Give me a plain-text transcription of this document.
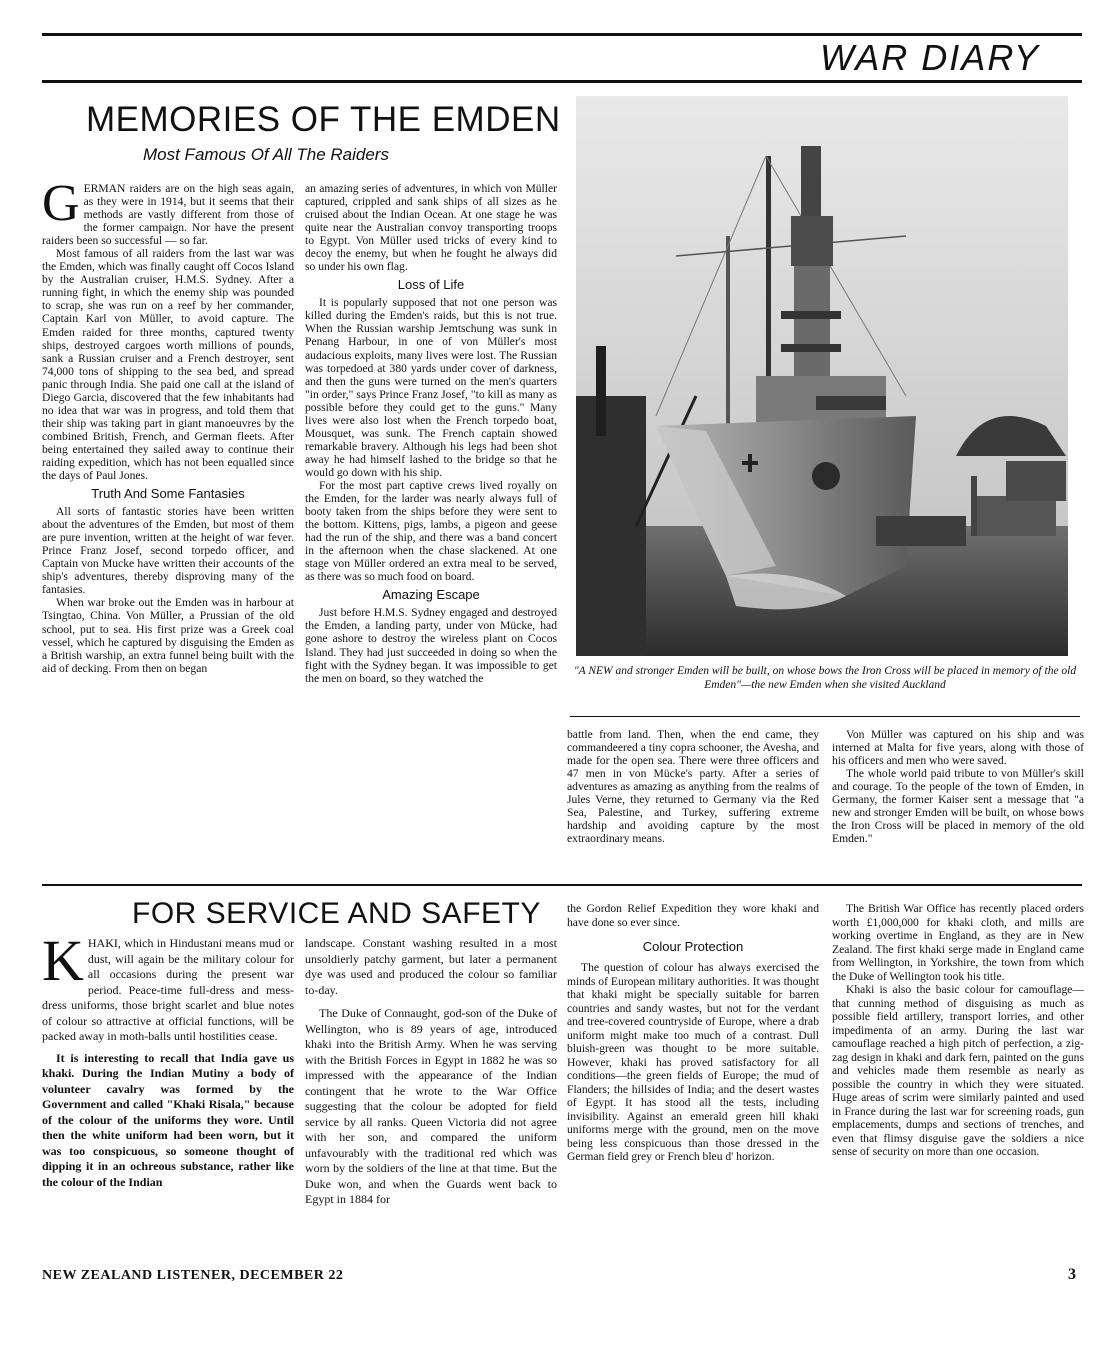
WAR DIARY
MEMORIES OF THE EMDEN
Most Famous Of All The Raiders
G ERMAN raiders are on the high seas again, as they were in 1914, but it seems that their methods are vastly different from those of the former campaign. Nor have the present raiders been so successful — so far.

Most famous of all raiders from the last war was the Emden, which was finally caught off Cocos Island by the Australian cruiser, H.M.S. Sydney. After a running fight, in which the enemy ship was pounded to scrap, she was run on a reef by her commander, Captain Karl von Müller, to avoid capture. The Emden raided for three months, captured twenty ships, destroyed cargoes worth millions of pounds, sank a Russian cruiser and a French destroyer, sent 74,000 tons of shipping to the sea bed, and spread panic through India. She paid one call at the island of Diego Garcia, discovered that the few inhabitants had no idea that war was in progress, and told them that their ship was taking part in giant manoeuvres by the combined British, French, and German fleets. After being entertained they sailed away to continue their raiding expedition, which has not been equalled since the days of Paul Jones.

Truth And Some Fantasies

All sorts of fantastic stories have been written about the adventures of the Emden, but most of them are pure invention, written at the height of war fever. Prince Franz Josef, second torpedo officer, and Captain von Mucke have written their accounts of the ship's adventures, thereby disproving many of the fantasies.

When war broke out the Emden was in harbour at Tsingtao, China. Von Müller, a Prussian of the old school, put to sea. His first prize was a Greek coal vessel, which he captured by disguising the Emden as a British warship, an extra funnel being built with the aid of decking. From then on began

an amazing series of adventures, in which von Müller captured, crippled and sank ships of all sizes as he cruised about the Indian Ocean. At one stage he was quite near the Australian convoy transporting troops to Egypt. Von Müller used tricks of every kind to decoy the enemy, but when he fought he always did so under his own flag.

Loss of Life

It is popularly supposed that not one person was killed during the Emden's raids, but this is not true. When the Russian warship Jemtschung was sunk in Penang Harbour, in one of von Müller's most audacious exploits, many lives were lost. The Russian was torpedoed at 380 yards under cover of darkness, and then the guns were turned on the men's quarters "in order," says Prince Franz Josef, "to kill as many as possible before they could get to the guns." Many lives were also lost when the French torpedo boat, Mousquet, was sunk. The French captain showed remarkable bravery. Although his legs had been shot away he had himself lashed to the bridge so that he would go down with his ship.

For the most part captive crews lived royally on the Emden, for the larder was nearly always full of booty taken from the ships before they were sent to the bottom. Kittens, pigs, lambs, a pigeon and geese had the run of the ship, and there was a band concert in the afternoon when the chase slackened. At one stage von Müller ordered an extra meal to be served, as there was so much food on board.

Amazing Escape

Just before H.M.S. Sydney engaged and destroyed the Emden, a landing party, under von Mücke, had gone ashore to destroy the wireless plant on Cocos Island. They had just succeeded in doing so when the fight with the Sydney began. It was impossible to get the men on board, so they watched the

"A NEW and stronger Emden will be built, on whose bows the Iron Cross will be placed in memory of the old Emden"—the new Emden when she visited Auckland

battle from land. Then, when the end came, they commandeered a tiny copra schooner, the Avesha, and made for the open sea. There were three officers and 47 men in von Mücke's party. After a series of adventures as amazing as anything from the realms of Jules Verne, they returned to Germany via the Red Sea, Palestine, and Turkey, suffering extreme hardship and avoiding capture by the most extraordinary means.

Von Müller was captured on his ship and was interned at Malta for five years, along with those of his officers and men who were saved.

The whole world paid tribute to von Müller's skill and courage. To the people of the town of Emden, in Germany, the former Kaiser sent a message that "a new and stronger Emden will be built, on whose bows the Iron Cross will be placed in memory of the old Emden."

FOR SERVICE AND SAFETY
K HAKI, which in Hindustani means mud or dust, will again be the military colour for all occasions during the present war period. Peace-time full-dress and mess-dress uniforms, those bright scarlet and blue notes of colour so attractive at official functions, will be packed away in moth-balls until hostilities cease.

It is interesting to recall that India gave us khaki. During the Indian Mutiny a body of volunteer cavalry was formed by the Government and called "Khaki Risala," because of the colour of the uniforms they wore. Until then the white uniform had been worn, but it was too conspicuous, so someone thought of dipping it in an ochreous substance, rather like the colour of the Indian

landscape. Constant washing resulted in a most unsoldierly patchy garment, but later a permanent dye was used and produced the colour so familiar to-day.

The Duke of Connaught, god-son of the Duke of Wellington, who is 89 years of age, introduced khaki into the British Army. When he was serving with the British Forces in Egypt in 1882 he was so impressed with the appearance of the Indian contingent that he wrote to the War Office suggesting that the colour be adopted for field service by all ranks. Queen Victoria did not agree with her son, and compared the uniform unfavourably with the traditional red which was worn by the soldiers of the line at that time. But the Duke won, and when the Guards went back to Egypt in 1884 for

the Gordon Relief Expedition they wore khaki and have done so ever since.

Colour Protection

The question of colour has always exercised the minds of European military authorities. It was thought that khaki might be specially suitable for barren countries and sandy wastes, but not for the verdant and tree-covered countryside of Europe, where a drab uniform might make too much of a contrast. Dull bluish-green was thought to be more suitable. However, khaki has proved satisfactory for all conditions—the green fields of Europe; the mud of Flanders; the hillsides of India; and the desert wastes of Egypt. It has stood all the tests, including invisibility. Against an emerald green hill khaki uniforms merge with the ground, men on the move being less conspicuous than those dressed in the German field grey or French bleu d' horizon.

The British War Office has recently placed orders worth £1,000,000 for khaki cloth, and mills are working overtime in England, as they are in New Zealand. The first khaki serge made in England came from Wellington, in Yorkshire, the town from which the Duke of Wellington took his title.

Khaki is also the basic colour for camouflage—that cunning method of disguising as much as possible field artillery, transport lorries, and other impedimenta of an army. During the last war camouflage reached a high pitch of perfection, a zig-zag design in khaki and dark fern, painted on the guns and vehicles made them resemble as nearly as possible the country in which they were situated. Huge areas of scrim were similarly painted and used in France during the last war for screening roads, gun emplacements, dumps and sections of trenches, and even that flimsy disguise gave the soldiers a nice sense of security on more than one occasion.

NEW ZEALAND LISTENER, DECEMBER 22	3
